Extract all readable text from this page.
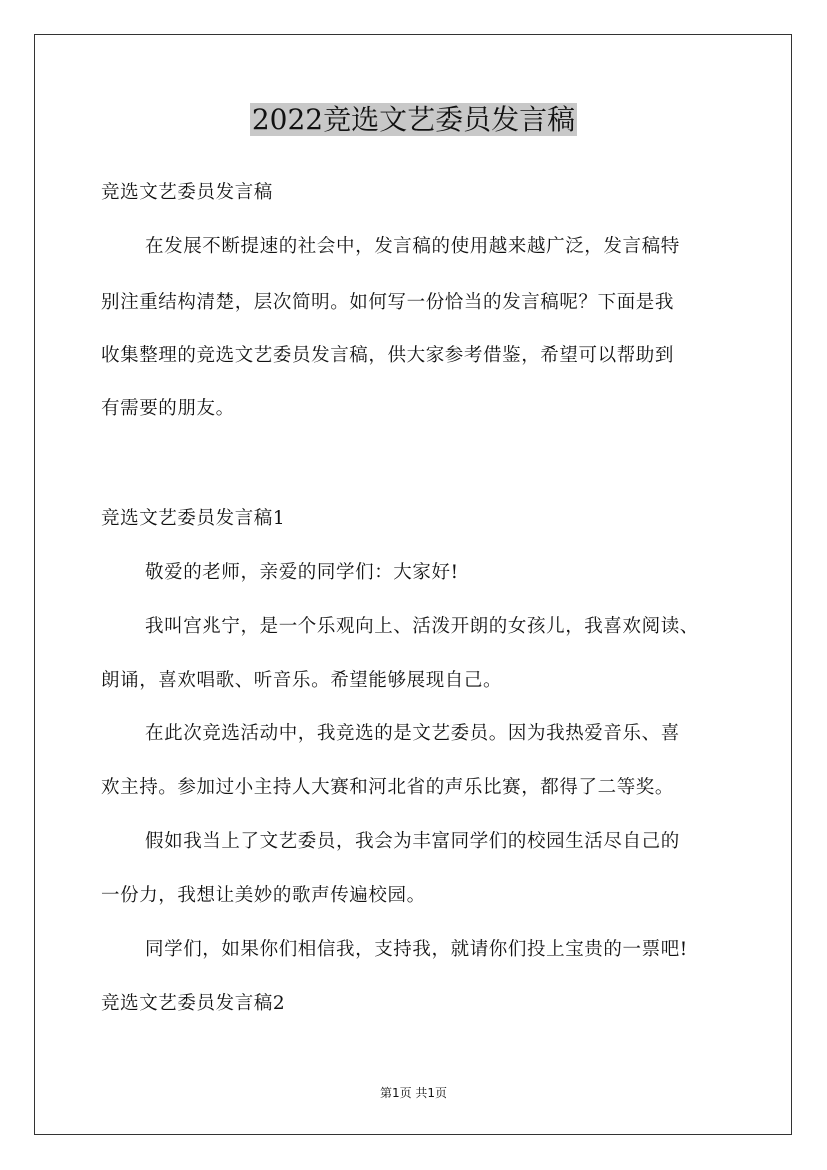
2022竞选文艺委员发言稿
竞选文艺委员发言稿
在发展不断提速的社会中，发言稿的使用越来越广泛，发言稿特
别注重结构清楚，层次简明。如何写一份恰当的发言稿呢？下面是我
收集整理的竞选文艺委员发言稿，供大家参考借鉴，希望可以帮助到
有需要的朋友。
竞选文艺委员发言稿1
敬爱的老师，亲爱的同学们：大家好!
我叫宫兆宁，是一个乐观向上、活泼开朗的女孩儿，我喜欢阅读、
朗诵，喜欢唱歌、听音乐。希望能够展现自己。
在此次竞选活动中，我竞选的是文艺委员。因为我热爱音乐、喜
欢主持。参加过小主持人大赛和河北省的声乐比赛，都得了二等奖。
假如我当上了文艺委员，我会为丰富同学们的校园生活尽自己的
一份力，我想让美妙的歌声传遍校园。
同学们，如果你们相信我，支持我，就请你们投上宝贵的一票吧!
竞选文艺委员发言稿2
第1页 共1页
